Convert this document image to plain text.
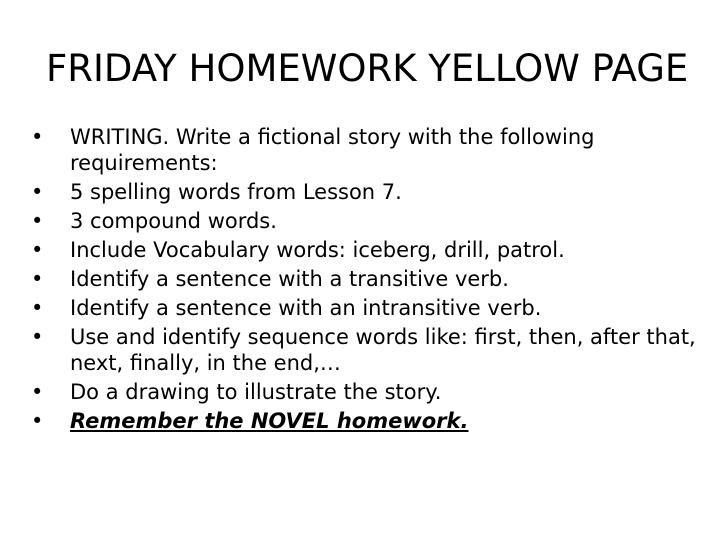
FRIDAY HOMEWORK YELLOW PAGE
•	WRITING. Write a fictional story with the following requirements:
•	5 spelling words from Lesson 7.
•	3 compound words.
•	Include Vocabulary words: iceberg, drill, patrol.
•	Identify a sentence with a transitive verb.
•	Identify a sentence with an intransitive verb.
•	Use and identify sequence words like: first, then, after that, next, finally, in the end,…
•	Do a drawing to illustrate the story.
•	Remember the NOVEL homework.
